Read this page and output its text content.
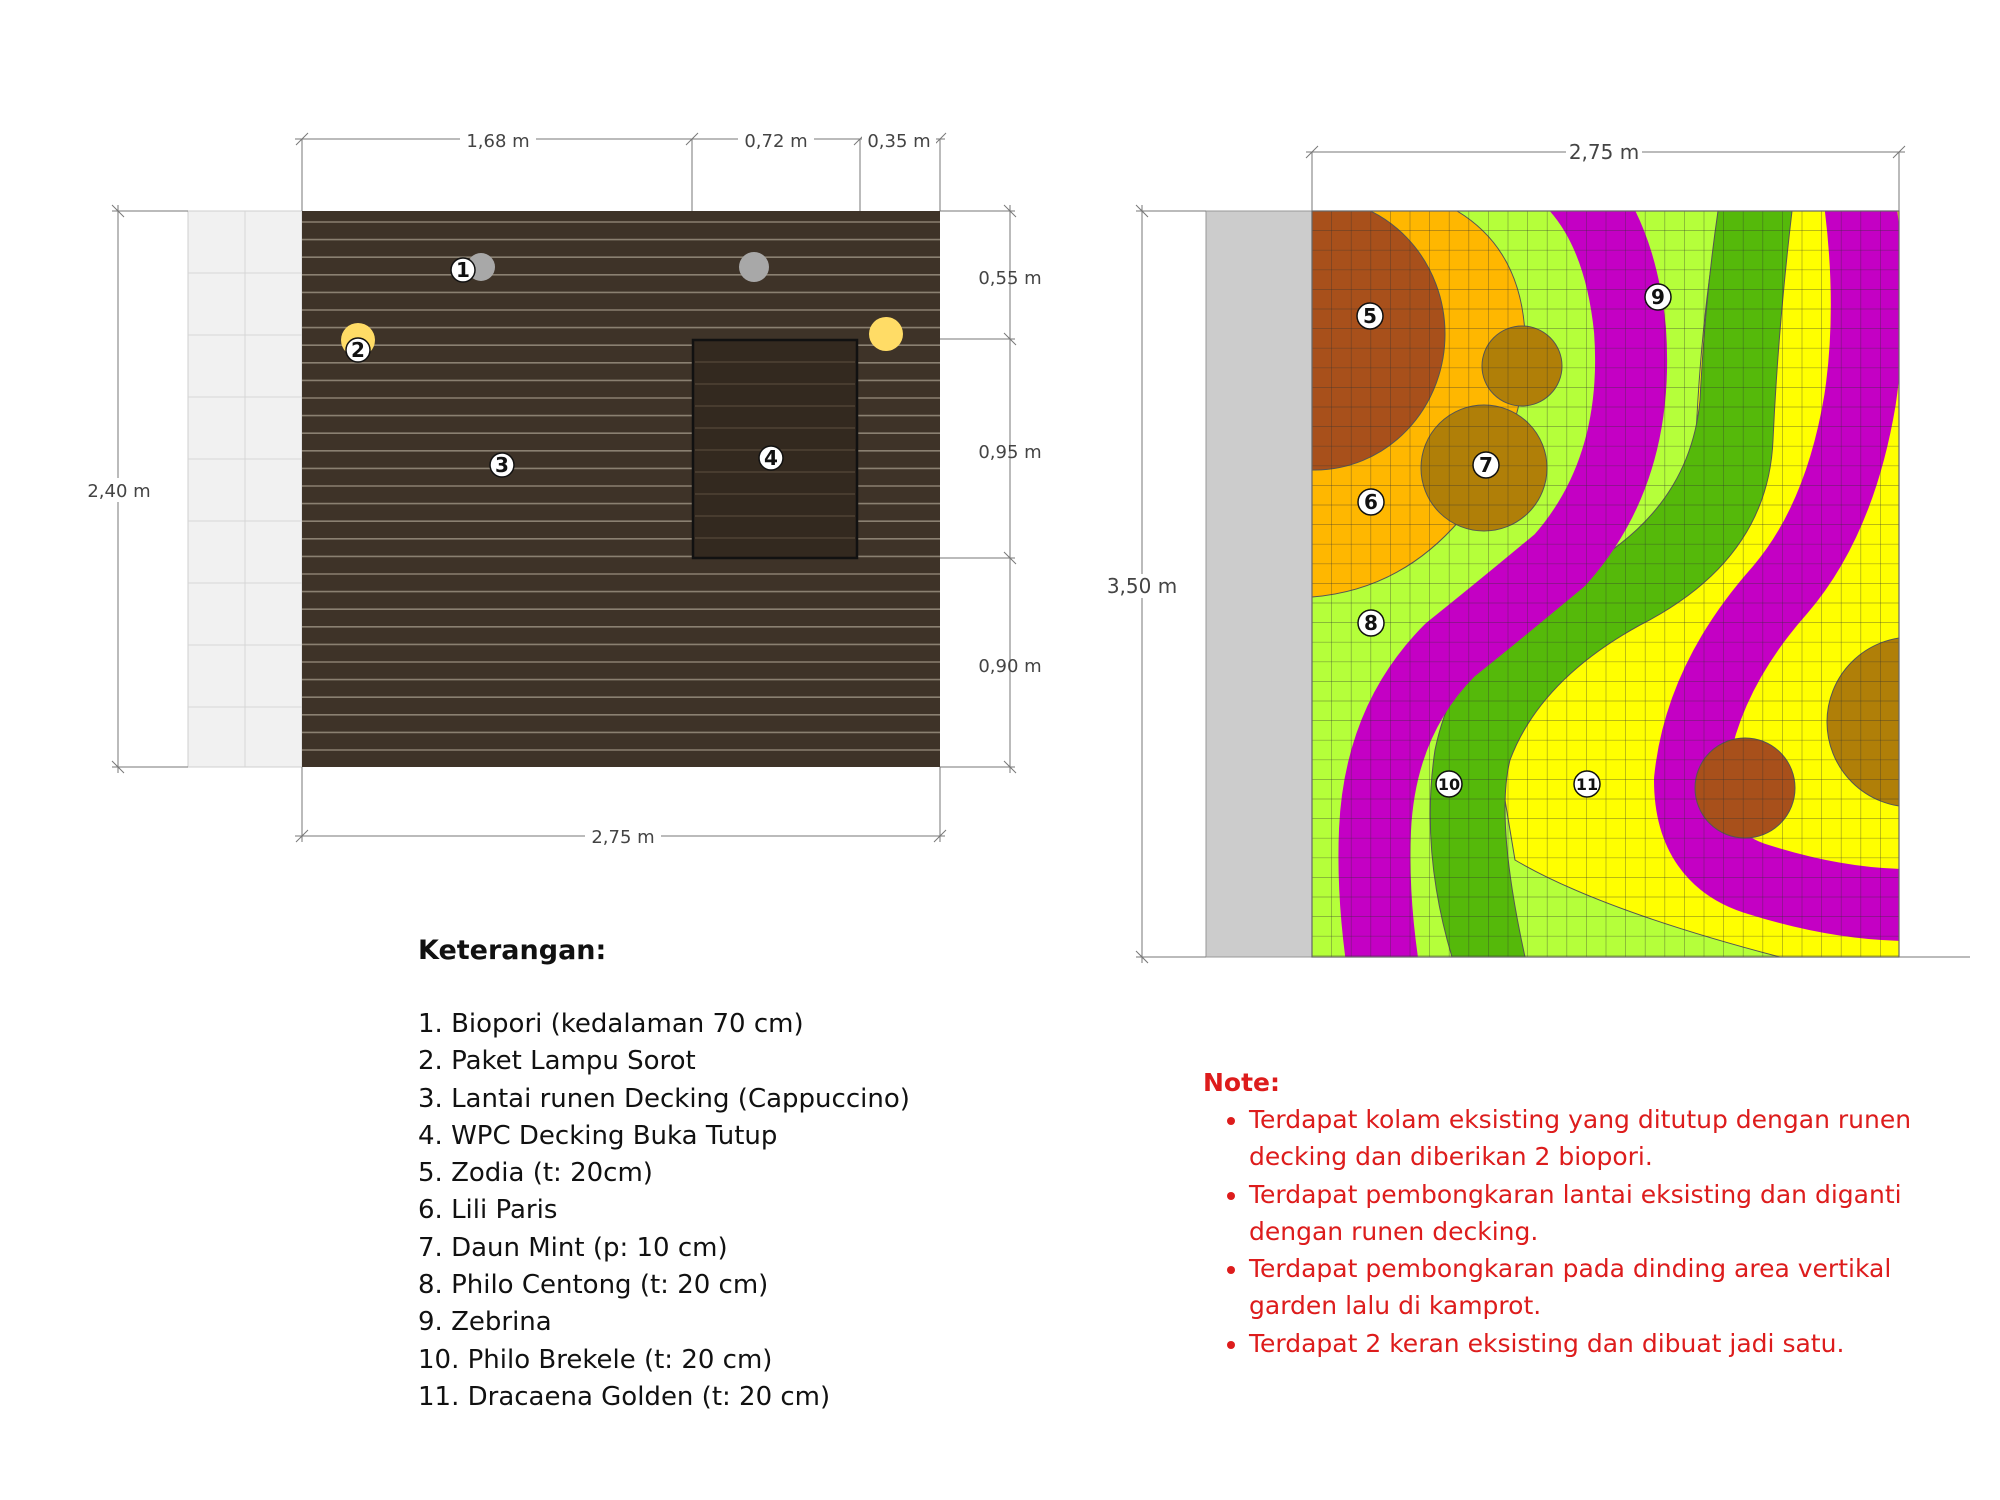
1
2
3	4
1,68 m	0,72 m	0,35 m
0,55 m
0,95 m
0,90 m
2,40 m
2,75 m
5
6
7
8
9
10	11
2,75 m
3,50 m
Keterangan:
1. Biopori (kedalaman 70 cm)
2. Paket Lampu Sorot
3. Lantai runen Decking (Cappuccino)
4. WPC Decking Buka Tutup
5. Zodia (t: 20cm)
6. Lili Paris
7. Daun Mint (p: 10 cm)
8. Philo Centong (t: 20 cm)
9. Zebrina
10. Philo Brekele (t: 20 cm)
11. Dracaena Golden (t: 20 cm)
Note:
• Terdapat kolam eksisting yang ditutup dengan runen decking dan diberikan 2 biopori.
• Terdapat pembongkaran lantai eksisting dan diganti dengan runen decking.
• Terdapat pembongkaran pada dinding area vertikal garden lalu di kamprot.
• Terdapat 2 keran eksisting dan dibuat jadi satu.
